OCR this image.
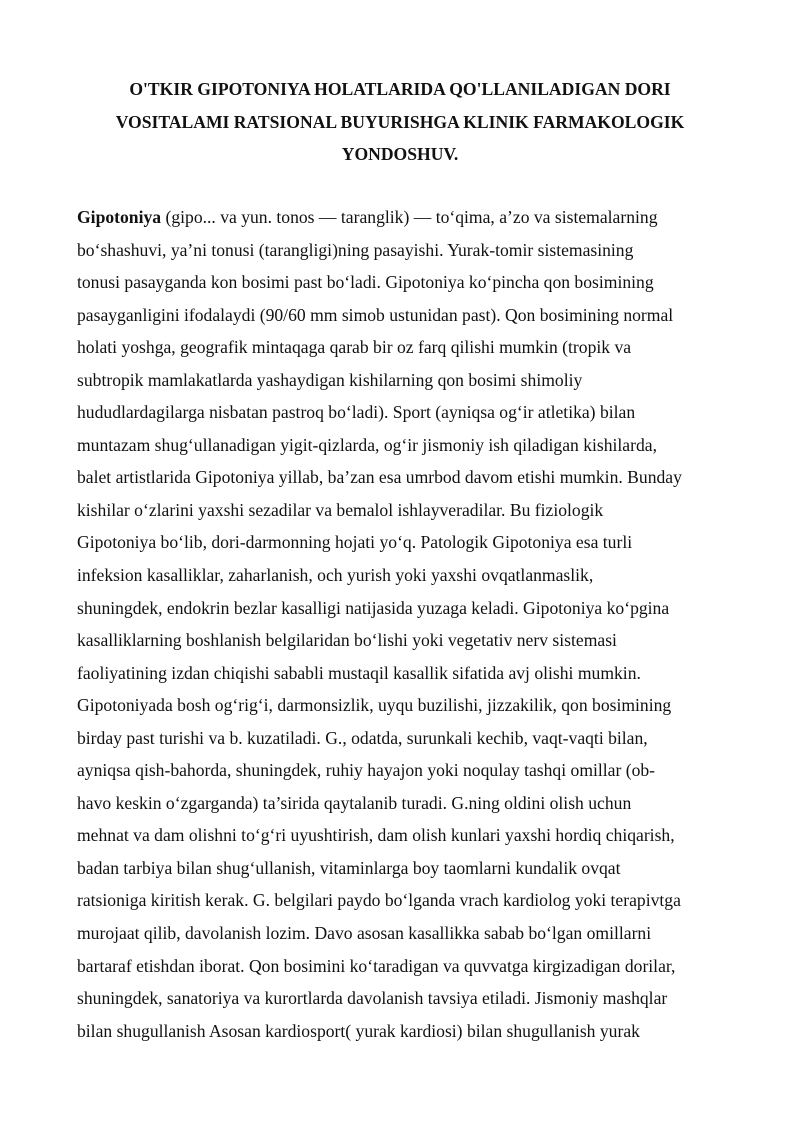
O'TKIR GIPOTONIYA HOLATLARIDA QO'LLANILADIGAN DORI
VOSITALAMI RATSIONAL BUYURISHGA KLINIK FARMAKOLOGIK
YONDOSHUV.
Gipotoniya (gipo... va yun. tonos — taranglik) — to‘qima, a’zo va sistemalarning
bo‘shashuvi, ya’ni tonusi (tarangligi)ning pasayishi. Yurak-tomir sistemasining
tonusi pasayganda kon bosimi past bo‘ladi. Gipotoniya ko‘pincha qon bosimining
pasayganligini ifodalaydi (90/60 mm simob ustunidan past). Qon bosimining normal
holati yoshga, geografik mintaqaga qarab bir oz farq qilishi mumkin (tropik va
subtropik mamlakatlarda yashaydigan kishilarning qon bosimi shimoliy
hududlardagilarga nisbatan pastroq bo‘ladi). Sport (ayniqsa og‘ir atletika) bilan
muntazam shug‘ullanadigan yigit-qizlarda, og‘ir jismoniy ish qiladigan kishilarda,
balet artistlarida Gipotoniya yillab, ba’zan esa umrbod davom etishi mumkin. Bunday
kishilar o‘zlarini yaxshi sezadilar va bemalol ishlayveradilar. Bu fiziologik
Gipotoniya bo‘lib, dori-darmonning hojati yo‘q. Patologik Gipotoniya esa turli
infeksion kasalliklar, zaharlanish, och yurish yoki yaxshi ovqatlanmaslik,
shuningdek, endokrin bezlar kasalligi natijasida yuzaga keladi. Gipotoniya ko‘pgina
kasalliklarning boshlanish belgilaridan bo‘lishi yoki vegetativ nerv sistemasi
faoliyatining izdan chiqishi sababli mustaqil kasallik sifatida avj olishi mumkin.
Gipotoniyada bosh og‘rig‘i, darmonsizlik, uyqu buzilishi, jizzakilik, qon bosimining
birday past turishi va b. kuzatiladi. G., odatda, surunkali kechib, vaqt-vaqti bilan,
ayniqsa qish-bahorda, shuningdek, ruhiy hayajon yoki noqulay tashqi omillar (ob-
havo keskin o‘zgarganda) ta’sirida qaytalanib turadi. G.ning oldini olish uchun
mehnat va dam olishni to‘g‘ri uyushtirish, dam olish kunlari yaxshi hordiq chiqarish,
badan tarbiya bilan shug‘ullanish, vitaminlarga boy taomlarni kundalik ovqat
ratsioniga kiritish kerak. G. belgilari paydo bo‘lganda vrach kardiolog yoki terapivtga
murojaat qilib, davolanish lozim. Davo asosan kasallikka sabab bo‘lgan omillarni
bartaraf etishdan iborat. Qon bosimini ko‘taradigan va quvvatga kirgizadigan dorilar,
shuningdek, sanatoriya va kurortlarda davolanish tavsiya etiladi. Jismoniy mashqlar
bilan shugullanish Asosan kardiosport( yurak kardiosi) bilan shugullanish yurak
